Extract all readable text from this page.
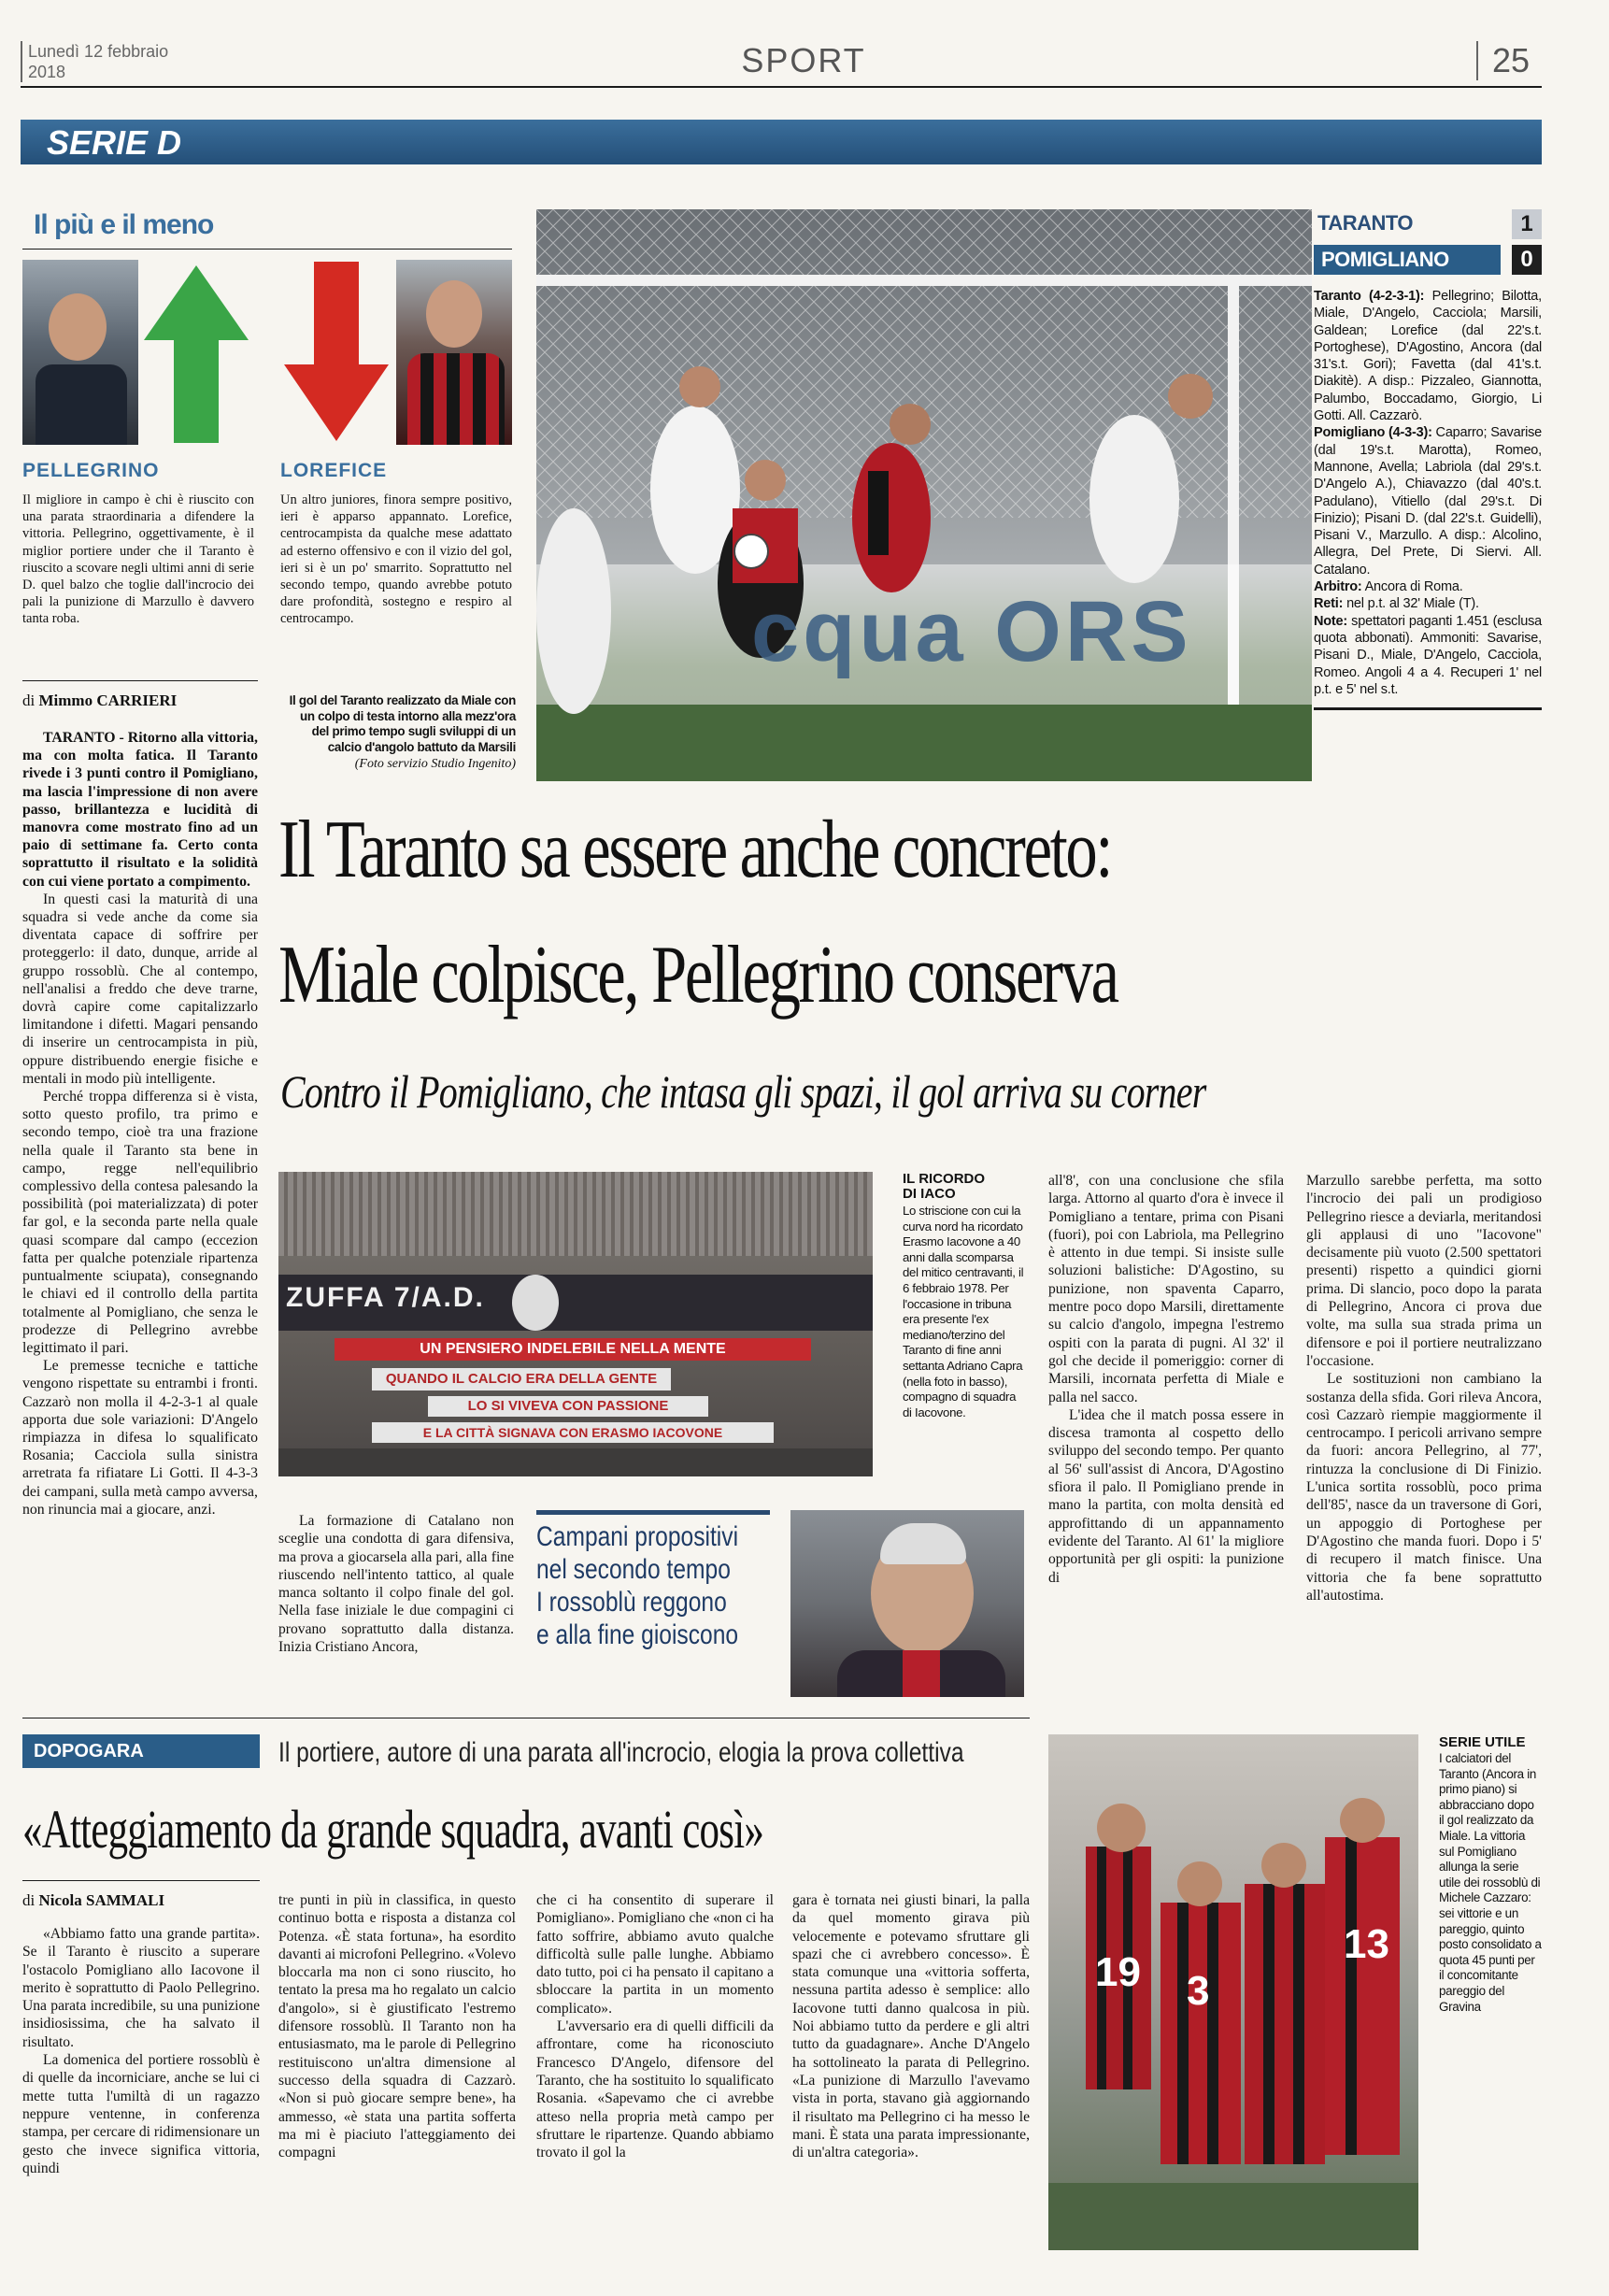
Lunedì 12 febbraio
2018	SPORT	25
SERIE D
Il più e il meno
PELLEGRINO
Il migliore in campo è chi è riuscito con una parata straordinaria a difendere la vittoria. Pellegrino, oggettivamente, è il miglior portiere under che il Taranto è riuscito a scovare negli ultimi anni di serie D. quel balzo che toglie dall'incrocio dei pali la punizione di Marzullo è davvero tanta roba.
LOREFICE
Un altro juniores, finora sempre positivo, ieri è apparso appannato. Lorefice, centrocampista da qualche mese adattato ad esterno offensivo e con il vizio del gol, ieri si è un po' smarrito. Soprattutto nel secondo tempo, quando avrebbe potuto dare profondità, sostegno e respiro al centrocampo.	cqua ORS
Il gol del Taranto realizzato da Miale con un colpo di testa intorno alla mezz'ora del primo tempo sugli sviluppi di un calcio d'angolo battuto da Marsili
(Foto servizio Studio Ingenito)
TARANTO	1
POMIGLIANO	0

Taranto (4-2-3-1): Pellegrino; Bilotta, Miale, D'Angelo, Cacciola; Marsili, Galdean; Lorefice (dal 22's.t. Portoghese), D'Agostino, Ancora (dal 31's.t. Gori); Favetta (dal 41's.t. Diakitè). A disp.: Pizzaleo, Giannotta, Palumbo, Boccadamo, Giorgio, Li Gotti. All. Cazzarò.

Pomigliano (4-3-3): Caparro; Savarise (dal 19's.t. Marotta), Romeo, Mannone, Avella; Labriola (dal 29's.t. D'Angelo A.), Chiavazzo (dal 40's.t. Padulano), Vitiello (dal 29's.t. Di Finizio); Pisani D. (dal 22's.t. Guidelli), Pisani V., Marzullo. A disp.: Alcolino, Allegra, Del Prete, Di Siervi. All. Catalano.

Arbitro: Ancora di Roma.

Reti: nel p.t. al 32' Miale (T).

Note: spettatori paganti 1.451 (esclusa quota abbonati). Ammoniti: Savarise, Pisani D., Miale, D'Angelo, Cacciola, Romeo. Angoli 4 a 4. Recuperi 1' nel p.t. e 5' nel s.t.

Il Taranto sa essere anche concreto:
Miale colpisce, Pellegrino conserva
Contro il Pomigliano, che intasa gli spazi, il gol arriva su corner
di Mimmo CARRIERI

TARANTO - Ritorno alla vittoria, ma con molta fatica. Il Taranto rivede i 3 punti contro il Pomigliano, ma lascia l'impressione di non avere passo, brillantezza e lucidità di manovra come mostrato fino ad un paio di settimane fa. Certo conta soprattutto il risultato e la solidità con cui viene portato a compimento.

In questi casi la maturità di una squadra si vede anche da come sia diventata capace di soffrire per proteggerlo: il dato, dunque, arride al gruppo rossoblù. Che al contempo, nell'analisi a freddo che deve trarne, dovrà capire come capitalizzarlo limitandone i difetti. Magari pensando di inserire un centrocampista in più, oppure distribuendo energie fisiche e mentali in modo più intelligente.

Perché troppa differenza si è vista, sotto questo profilo, tra primo e secondo tempo, cioè tra una frazione nella quale il Taranto sta bene in campo, regge nell'equilibrio complessivo della contesa palesando la possibilità (poi materializzata) di poter far gol, e la seconda parte nella quale quasi scompare dal campo (eccezion fatta per qualche potenziale ripartenza puntualmente sciupata), consegnando le chiavi ed il controllo della partita totalmente al Pomigliano, che senza le prodezze di Pellegrino avrebbe legittimato il pari.

Le premesse tecniche e tattiche vengono rispettate su entrambi i fronti. Cazzarò non molla il 4-2-3-1 al quale apporta due sole variazioni: D'Angelo rimpiazza in difesa lo squalificato Rosania; Cacciola sulla sinistra arretrata fa rifiatare Li Gotti. Il 4-3-3 dei campani, sulla metà campo avversa, non rinuncia mai a giocare, anzi.

ZUFFA 7/A.D.
UN PENSIERO INDELEBILE NELLA MENTE
QUANDO IL CALCIO ERA DELLA GENTE
LO SI VIVEVA CON PASSIONE
E LA CITTÀ SIGNAVA CON ERASMO IACOVONE
IL RICORDO
DI IACO
Lo striscione con cui la curva nord ha ricordato Erasmo Iacovone a 40 anni dalla scomparsa del mitico centravanti, il 6 febbraio 1978. Per l'occasione in tribuna era presente l'ex mediano/terzino del Taranto di fine anni settanta Adriano Capra (nella foto in basso), compagno di squadra di Iacovone.

La formazione di Catalano non sceglie una condotta di gara difensiva, ma prova a giocarsela alla pari, alla fine riuscendo nell'intento tattico, al quale manca soltanto il colpo finale del gol. Nella fase iniziale le due compagini ci provano soprattutto dalla distanza. Inizia Cristiano Ancora,

Campani propositivi
nel secondo tempo
I rossoblù reggono
e alla fine gioiscono

all'8', con una conclusione che sfila larga. Attorno al quarto d'ora è invece il Pomigliano a tentare, prima con Pisani (fuori), poi con Labriola, ma Pellegrino è attento in due tempi. Si insiste sulle soluzioni balistiche: D'Agostino, su punizione, non spaventa Caparro, mentre poco dopo Marsili, direttamente su calcio d'angolo, impegna l'estremo ospiti con la parata di pugni. Al 32' il gol che decide il pomeriggio: corner di Marsili, incornata perfetta di Miale e palla nel sacco.

L'idea che il match possa essere in discesa tramonta al cospetto dello sviluppo del secondo tempo. Per quanto al 56' sull'assist di Ancora, D'Agostino sfiora il palo. Il Pomigliano prende in mano la partita, con molta densità ed approfittando di un appannamento evidente del Taranto. Al 61' la migliore opportunità per gli ospiti: la punizione di

Marzullo sarebbe perfetta, ma sotto l'incrocio dei pali un prodigioso Pellegrino riesce a deviarla, meritandosi gli applausi di uno "Iacovone" decisamente più vuoto (2.500 spettatori presenti) rispetto a quindici giorni prima. Di slancio, poco dopo la parata di Pellegrino, Ancora ci prova due volte, ma sulla sua strada prima un difensore e poi il portiere neutralizzano l'occasione.

Le sostituzioni non cambiano la sostanza della sfida. Gori rileva Ancora, così Cazzarò riempie maggiormente il centrocampo. I pericoli arrivano sempre da fuori: ancora Pellegrino, al 77', rintuzza la conclusione di Di Finizio. L'unica sortita rossoblù, poco prima dell'85', nasce da un traversone di Gori, un appoggio di Portoghese per D'Agostino che manda fuori. Dopo i 5' di recupero il match finisce. Una vittoria che fa bene soprattutto all'autostima.

DOPOGARA	Il portiere, autore di una parata all'incrocio, elogia la prova collettiva
«Atteggiamento da grande squadra, avanti così»
di Nicola SAMMALI

«Abbiamo fatto una grande partita». Se il Taranto è riuscito a superare l'ostacolo Pomigliano allo Iacovone il merito è soprattutto di Paolo Pellegrino. Una parata incredibile, su una punizione insidiosissima, che ha salvato il risultato.

La domenica del portiere rossoblù è di quelle da incorniciare, anche se lui ci mette tutta l'umiltà di un ragazzo neppure ventenne, in conferenza stampa, per cercare di ridimensionare un gesto che invece significa vittoria, quindi

tre punti in più in classifica, in questo continuo botta e risposta a distanza col Potenza. «È stata fortuna», ha esordito davanti ai microfoni Pellegrino. «Volevo bloccarla ma non ci sono riuscito, ho tentato la presa ma ho regalato un calcio d'angolo», si è giustificato l'estremo difensore rossoblù. Il Taranto non ha entusiasmato, ma le parole di Pellegrino restituiscono un'altra dimensione al successo della squadra di Cazzarò. «Non si può giocare sempre bene», ha ammesso, «è stata una partita sofferta ma mi è piaciuto l'atteggiamento dei compagni

che ci ha consentito di superare il Pomigliano». Pomigliano che «non ci ha fatto soffrire, abbiamo avuto qualche difficoltà sulle palle lunghe. Abbiamo dato tutto, poi ci ha pensato il capitano a sbloccare la partita in un momento complicato».

L'avversario era di quelli difficili da affrontare, come ha riconosciuto Francesco D'Angelo, difensore del Taranto, che ha sostituito lo squalificato Rosania. «Sapevamo che ci avrebbe atteso nella propria metà campo per sfruttare le ripartenze. Quando abbiamo trovato il gol la

gara è tornata nei giusti binari, la palla da quel momento girava più velocemente e potevamo sfruttare gli spazi che ci avrebbero concesso». È stata comunque una «vittoria sofferta, nessuna partita adesso è semplice: allo Iacovone tutti danno qualcosa in più. Noi abbiamo tutto da perdere e gli altri tutto da guadagnare». Anche D'Angelo ha sottolineato la parata di Pellegrino. «La punizione di Marzullo l'avevamo vista in porta, stavano già aggiornando il risultato ma Pellegrino ci ha messo le mani. È stata una parata impressionante, di un'altra categoria».

19 3
13
SERIE UTILE
I calciatori del Taranto (Ancora in primo piano) si abbracciano dopo il gol realizzato da Miale. La vittoria sul Pomigliano allunga la serie utile dei rossoblù di Michele Cazzaro: sei vittorie e un pareggio, quinto posto consolidato a quota 45 punti per il concomitante pareggio del Gravina
